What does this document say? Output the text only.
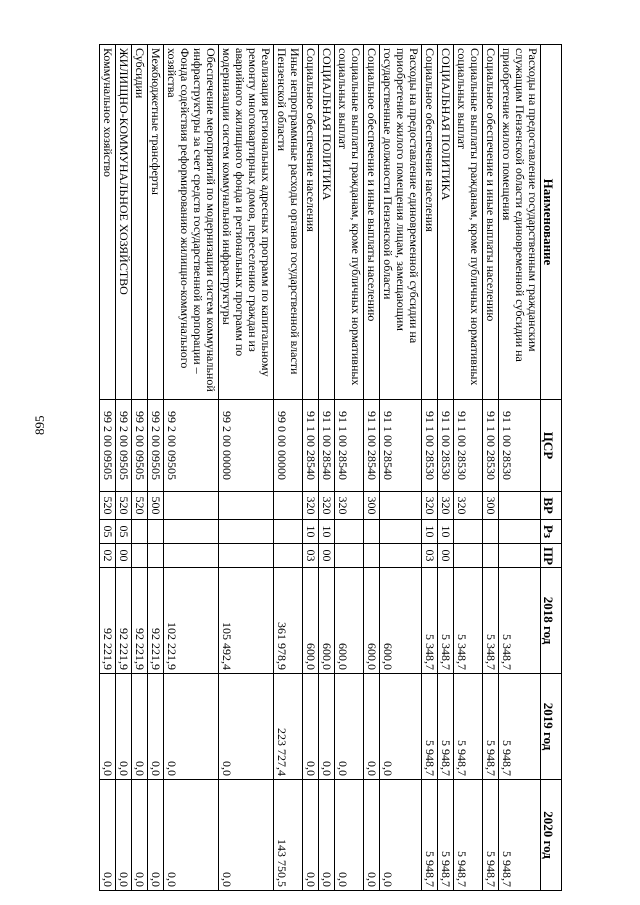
895
Наименование	ЦСР	ВР	Рз	ПР	2018 год	2019 год	2020 год
Расходы на предоставление государственным гражданским служащим Пензенской области единовременной субсидии на приобретение жилого помещения	91 1 00 28530				5 348,7	5 948,7	5 948,7
Социальное обеспечение и иные выплаты населению	91 1 00 28530	300			5 348,7	5 948,7	5 948,7
Социальные выплаты гражданам, кроме публичных нормативных социальных выплат	91 1 00 28530	320			5 348,7	5 948,7	5 948,7
СОЦИАЛЬНАЯ ПОЛИТИКА	91 1 00 28530	320	10	00	5 348,7	5 948,7	5 948,7
Социальное обеспечение населения	91 1 00 28530	320	10	03	5 348,7	5 948,7	5 948,7
Расходы на предоставление единовременной субсидии на приобретение жилого помещения лицам, замещающим государственные должности Пензенской области	91 1 00 28540				600,0	0,0	0,0
Социальное обеспечение и иные выплаты населению	91 1 00 28540	300			600,0	0,0	0,0
Социальные выплаты гражданам, кроме публичных нормативных социальных выплат	91 1 00 28540	320			600,0	0,0	0,0
СОЦИАЛЬНАЯ ПОЛИТИКА	91 1 00 28540	320	10	00	600,0	0,0	0,0
Социальное обеспечение населения	91 1 00 28540	320	10	03	600,0	0,0	0,0
Иные непрограммные расходы органов государственной власти Пензенской области	99 0 00 00000				361 978,9	223 727,4	143 750,5
Реализация региональных адресных программ по капитальному ремонту многоквартирных домов, переселению граждан из аварийного жилищного фонда и региональных программ по модернизации систем коммунальной инфраструктуры	99 2 00 00000				105 492,4	0,0	0,0
Обеспечение мероприятий по модернизации систем коммунальной инфраструктуры за счет средств государственной корпорации – Фонда содействия реформированию жилищно-коммунального хозяйства	99 2 00 09505				102 221,9	0,0	0,0
Межбюджетные трансферты	99 2 00 09505	500			92 221,9	0,0	0,0
Субсидии	99 2 00 09505	520			92 221,9	0,0	0,0
ЖИЛИЩНО-КОММУНАЛЬНОЕ ХОЗЯЙСТВО	99 2 00 09505	520	05	00	92 221,9	0,0	0,0
Коммунальное хозяйство	99 2 00 09505	520	05	02	92 221,9	0,0	0,0
